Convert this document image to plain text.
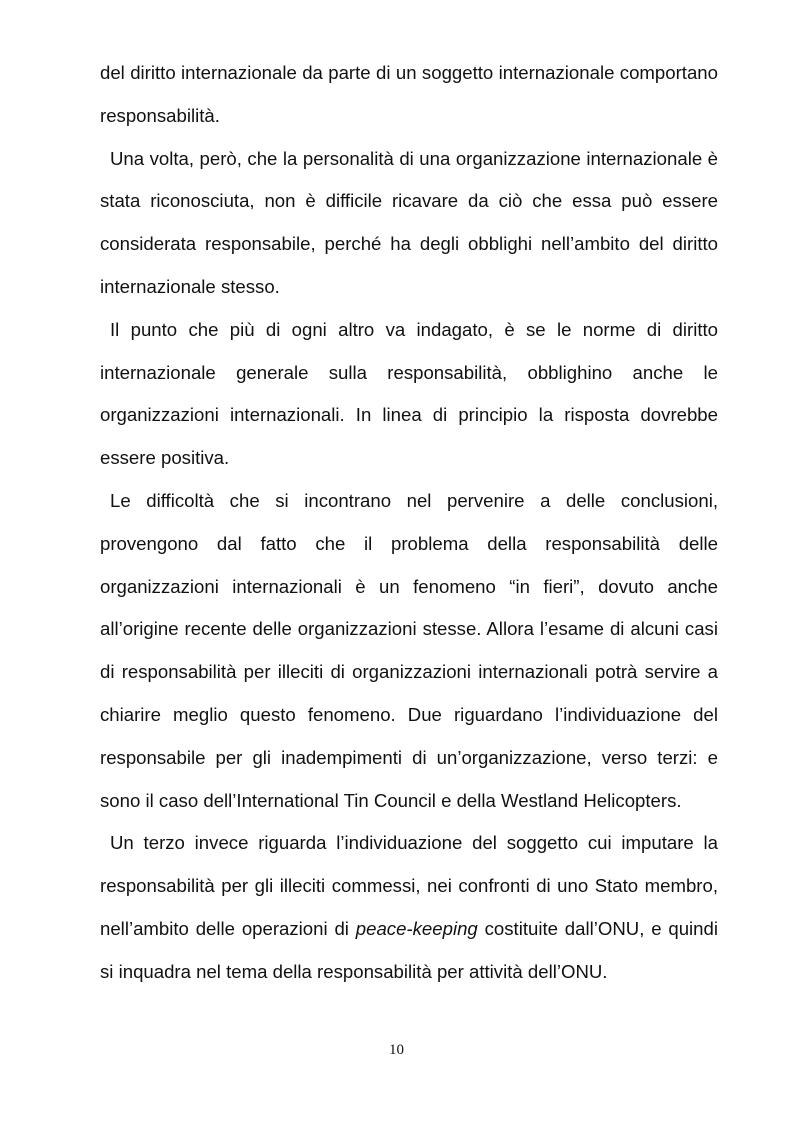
del diritto internazionale da parte di un soggetto internazionale comportano responsabilità.

Una volta, però, che la personalità di una organizzazione internazionale è stata riconosciuta, non è difficile ricavare da ciò che essa può essere considerata responsabile, perché ha degli obblighi nell’ambito del diritto internazionale stesso.

Il punto che più di ogni altro va indagato, è se le norme di diritto internazionale generale sulla responsabilità, obblighino anche le organizzazioni internazionali. In linea di principio la risposta dovrebbe essere positiva.

Le difficoltà che si incontrano nel pervenire a delle conclusioni, provengono dal fatto che il problema della responsabilità delle organizzazioni internazionali è un fenomeno “in fieri”, dovuto anche all’origine recente delle organizzazioni stesse. Allora l’esame di alcuni casi di responsabilità per illeciti di organizzazioni internazionali potrà servire a chiarire meglio questo fenomeno. Due riguardano l’individuazione del responsabile per gli inadempimenti di un’organizzazione, verso terzi: e sono il caso dell’International Tin Council e della Westland Helicopters.

Un terzo invece riguarda l’individuazione del soggetto cui imputare la responsabilità per gli illeciti commessi, nei confronti di uno Stato membro, nell’ambito delle operazioni di peace-keeping costituite dall’ONU, e quindi si inquadra nel tema della responsabilità per attività dell’ONU.

10
